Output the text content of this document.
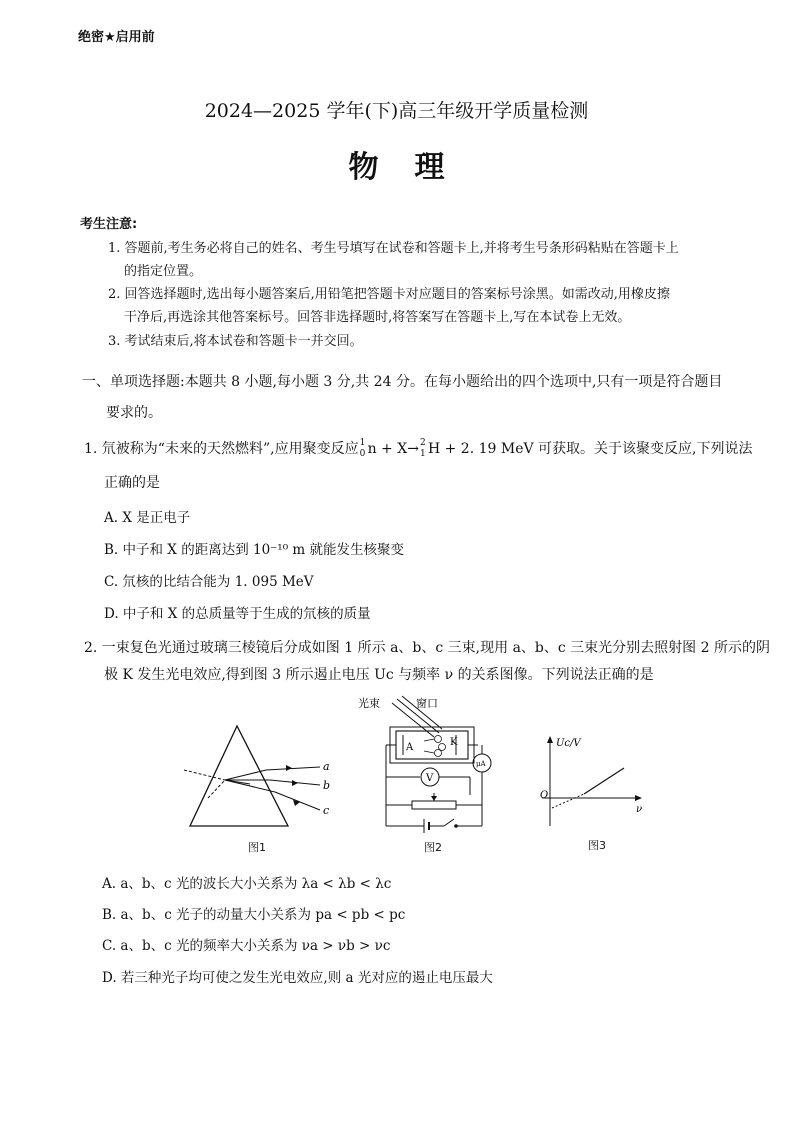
绝密★启用前
2024—2025 学年(下)高三年级开学质量检测
物理
考生注意:
1. 答题前,考生务必将自己的姓名、考生号填写在试卷和答题卡上,并将考生号条形码粘贴在答题卡上
的指定位置。
2. 回答选择题时,选出每小题答案后,用铅笔把答题卡对应题目的答案标号涂黑。如需改动,用橡皮擦
干净后,再选涂其他答案标号。回答非选择题时,将答案写在答题卡上,写在本试卷上无效。
3. 考试结束后,将本试卷和答题卡一并交回。
一、单项选择题:本题共 8 小题,每小题 3 分,共 24 分。在每小题给出的四个选项中,只有一项是符合题目
要求的。
1. 氘被称为“未来的天然燃料”,应用聚变反应 1
0 n + X→ 2
1 H + 2. 19 MeV 可获取。关于该聚变反应,下列说法
正确的是
A. X 是正电子
B. 中子和 X 的距离达到 10⁻¹⁰ m 就能发生核聚变
C. 氘核的比结合能为 1. 095 MeV
D. 中子和 X 的总质量等于生成的氘核的质量
2. 一束复色光通过玻璃三棱镜后分成如图 1 所示 a、b、c 三束,现用 a、b、c 三束光分别去照射图 2 所示的阴
极 K 发生光电效应,得到图 3 所示遏止电压 Uc 与频率 ν 的关系图像。下列说法正确的是
a
b
c
图1
光束	窗口
A	K
μA
V
图2
Uc/V
ν
O
图3
A. a、b、c 光的波长大小关系为 λa < λb < λc
B. a、b、c 光子的动量大小关系为 pa < pb < pc
C. a、b、c 光的频率大小关系为 νa > νb > νc
D. 若三种光子均可使之发生光电效应,则 a 光对应的遏止电压最大
